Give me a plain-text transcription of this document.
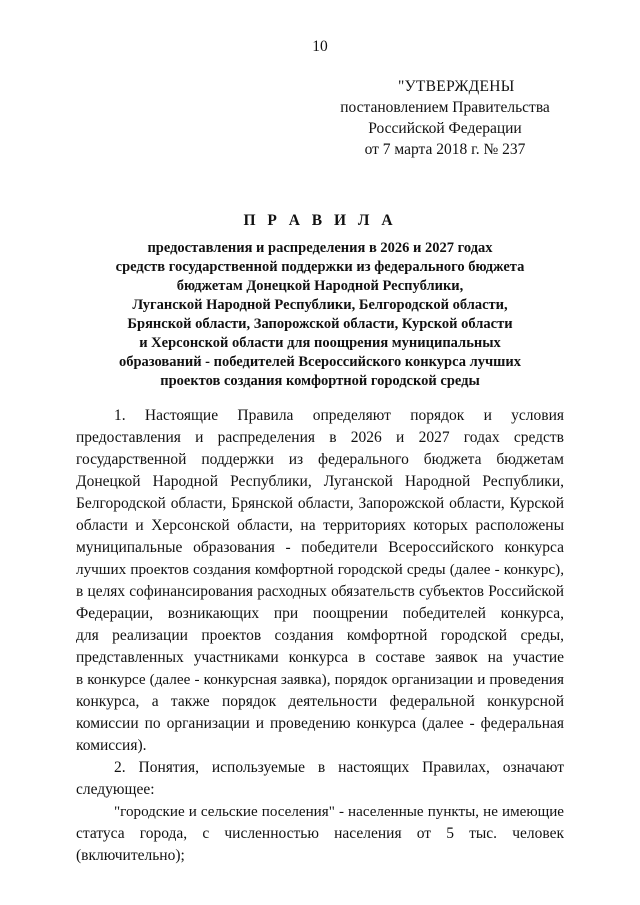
10
"УТВЕРЖДЕНЫ
постановлением Правительства
Российской Федерации
от 7 марта 2018 г. № 237
П Р А В И Л А
предоставления и распределения в 2026 и 2027 годах
средств государственной поддержки из федерального бюджета
бюджетам Донецкой Народной Республики,
Луганской Народной Республики, Белгородской области,
Брянской области, Запорожской области, Курской области
и Херсонской области для поощрения муниципальных
образований - победителей Всероссийского конкурса лучших
проектов создания комфортной городской среды
1. Настоящие Правила определяют порядок и условия
предоставления и распределения в 2026 и 2027 годах средств
государственной поддержки из федерального бюджета бюджетам
Донецкой Народной Республики, Луганской Народной Республики,
Белгородской области, Брянской области, Запорожской области, Курской
области и Херсонской области, на территориях которых расположены
муниципальные образования - победители Всероссийского конкурса
лучших проектов создания комфортной городской среды (далее - конкурс),
в целях софинансирования расходных обязательств субъектов Российской
Федерации, возникающих при поощрении победителей конкурса,
для реализации проектов создания комфортной городской среды,
представленных участниками конкурса в составе заявок на участие
в конкурсе (далее - конкурсная заявка), порядок организации и проведения
конкурса, а также порядок деятельности федеральной конкурсной
комиссии по организации и проведению конкурса (далее - федеральная
комиссия).
2. Понятия, используемые в настоящих Правилах, означают
следующее:
"городские и сельские поселения" - населенные пункты, не имеющие
статуса города, с численностью населения от 5 тыс. человек
(включительно);
